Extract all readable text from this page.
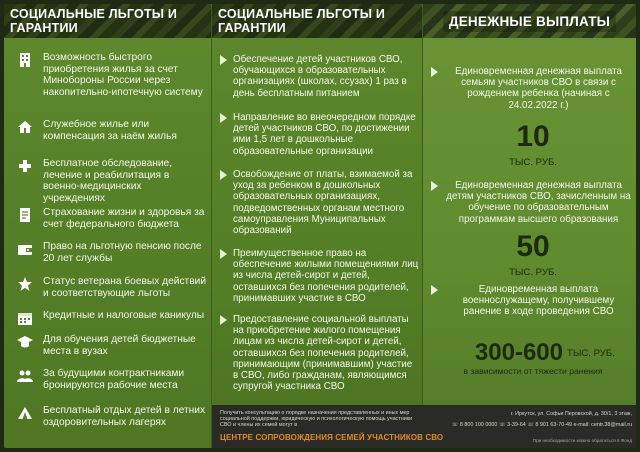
СОЦИАЛЬНЫЕ ЛЬГОТЫ И ГАРАНТИИ
Возможность быстрого приобретения жилья за счет Минобороны России через накопительно-ипотечную систему
Служебное жилье или компенсация за наём жилья
Бесплатное обследование, лечение и реабилитация в военно-медицинских учреждениях
Страхование жизни и здоровья за счет федерального бюджета
Право на льготную пенсию после 20 лет службы
Статус ветерана боевых действий и соответствующие льготы
Кредитные и налоговые каникулы
Для обучения детей бюджетные места в вузах
За будущими контрактниками бронируются рабочие места
Бесплатный отдых детей в летних оздоровительных лагерях
СОЦИАЛЬНЫЕ ЛЬГОТЫ И ГАРАНТИИ
Обеспечение детей участников СВО, обучающихся в образовательных организациях (школах, ссузах) 1 раз в день бесплатным питанием
Направление во внеочередном порядке детей участников СВО, по достижении ими 1,5 лет в дошкольные образовательные организации
Освобождение от платы, взимаемой за уход за ребенком в дошкольных образовательных организациях, подведомственных органам местного самоуправления Муниципальных образований
Преимущественное право на обеспечение жилыми помещениями лиц из числа детей-сирот и детей, оставшихся без попечения родителей, принимавших участие в СВО
Предоставление социальной выплаты на приобретение жилого помещения лицам из числа детей-сирот и детей, оставшихся без попечения родителей, принимающим (принимавшим) участие в СВО, либо гражданам, являющимся супругой участника СВО
ДЕНЕЖНЫЕ ВЫПЛАТЫ
Единовременная денежная выплата семьям участников СВО в связи с рождением ребенка (начиная с 24.02.2022 г.)
10
ТЫС. РУБ.
Единовременная денежная выплата детям участников СВО, зачисленным на обучение по образовательным программам высшего образования
50
ТЫС. РУБ.
Единовременная выплата военнослужащему, получившему ранение в ходе проведения СВО
300-600 ТЫС. РУБ.
в зависимости от тяжести ранения
Получить консультацию о порядке назначения представленных и иных мер социальной поддержки, юридическую и психологическую помощь участники СВО и члены их семей могут в
ЦЕНТРЕ СОПРОВОЖДЕНИЯ СЕМЕЙ УЧАСТНИКОВ СВО
г. Иркутск, ул. Софьи Перовской, д. 30/1, 3 этаж,
☏ 8 800 100 0000 ☏ 3-39-64 ☏ 8 901 63-70-49 e-mail: centr.38@mail.ru
При необходимости можно обратиться в Фонд
